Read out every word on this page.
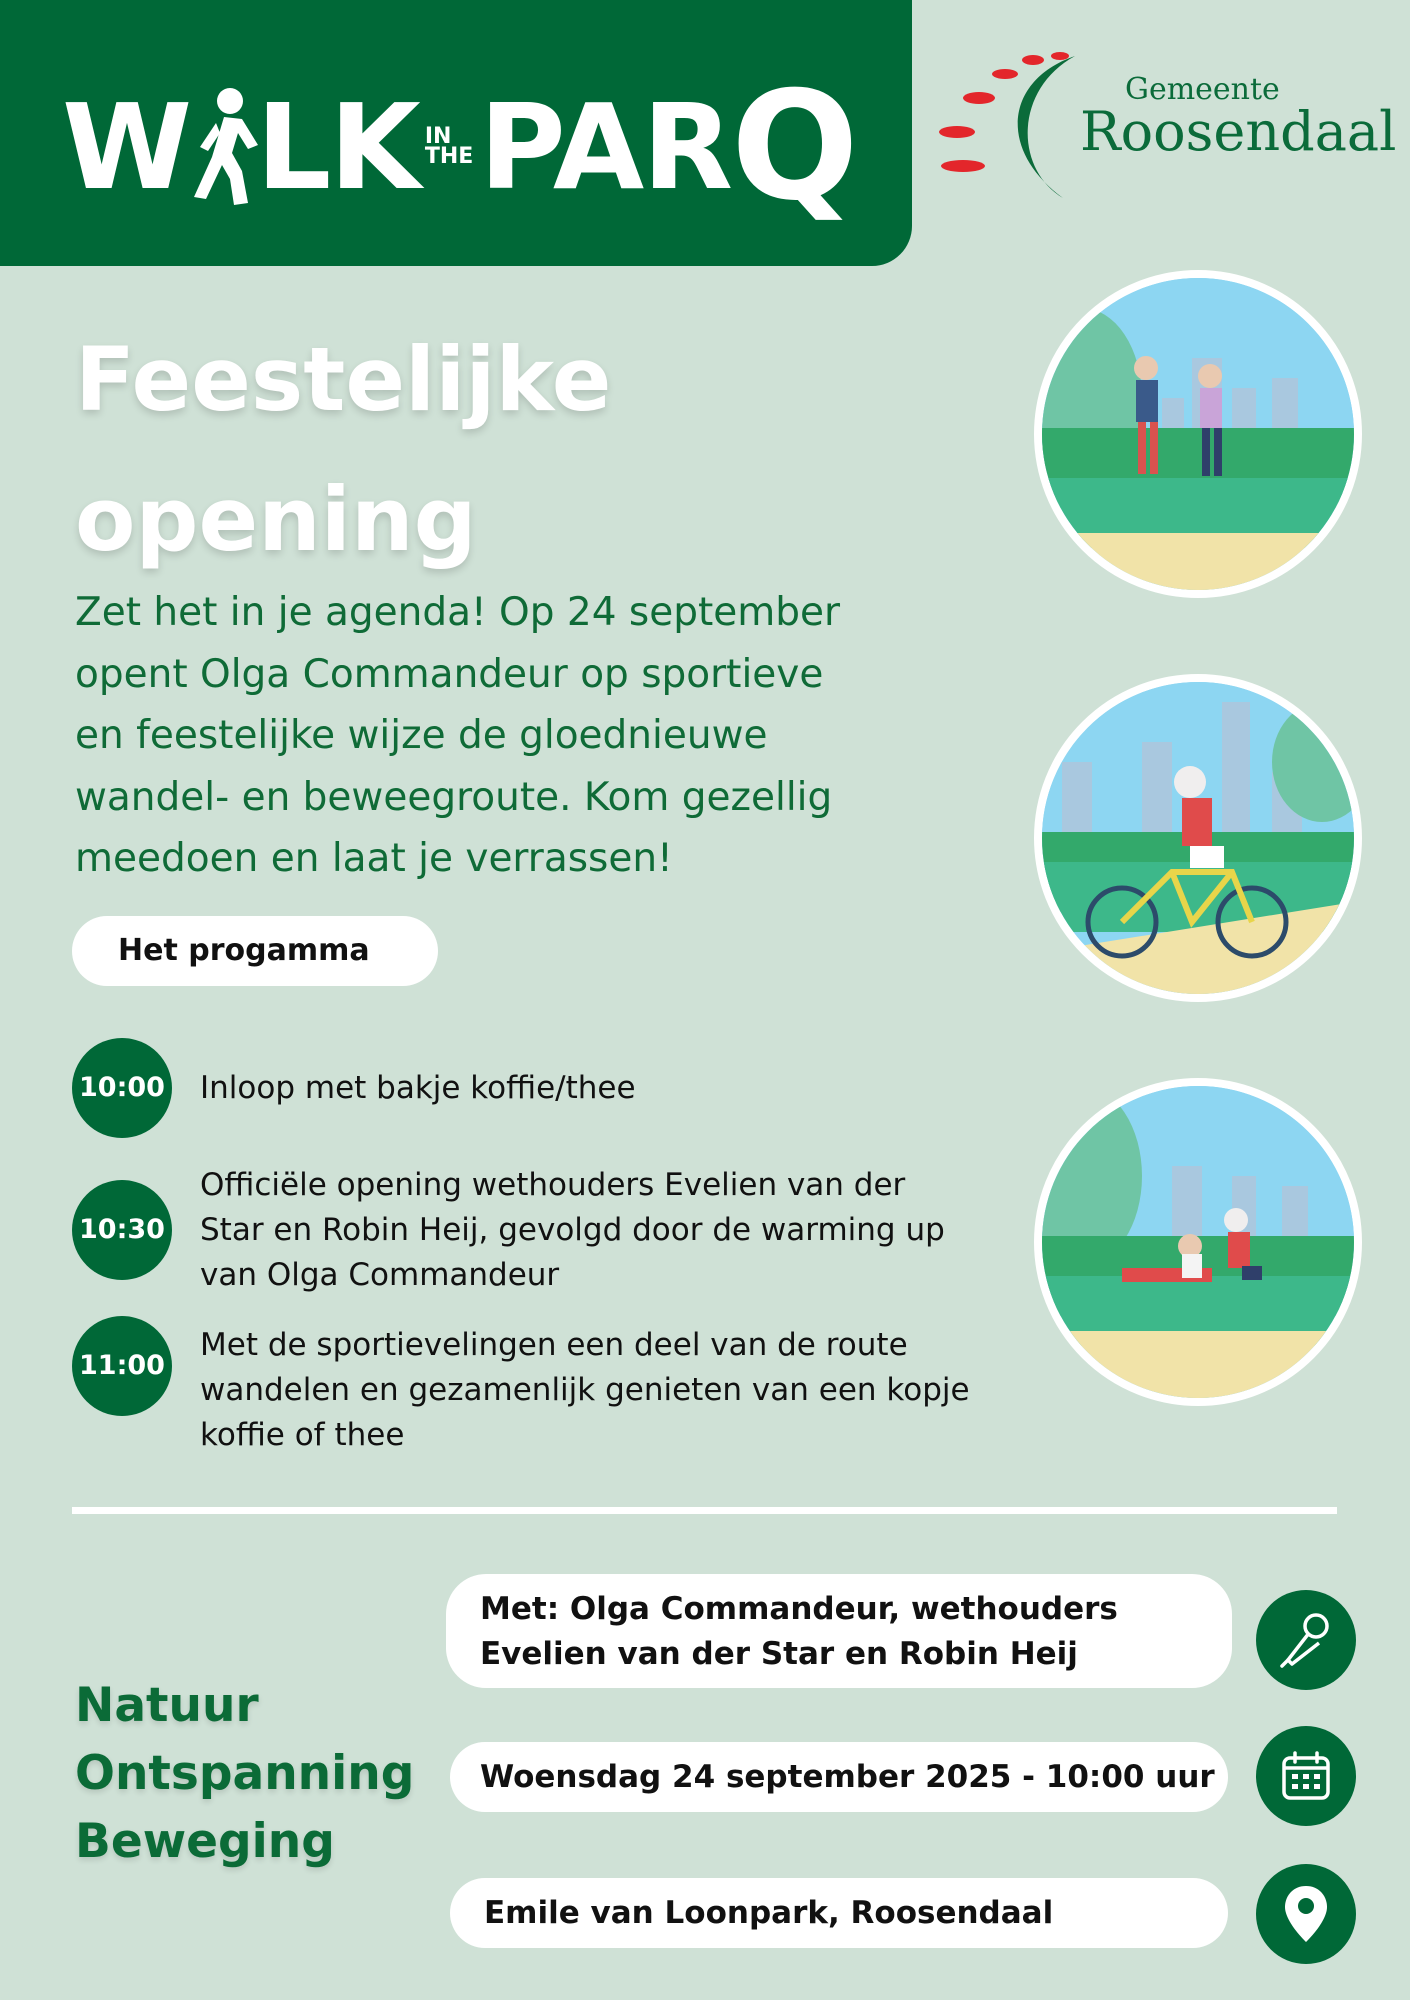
W LK IN
THE PAR Q	Gemeente
Roosendaal
Feestelijke
opening
Zet het in je agenda! Op 24 september
opent Olga Commandeur op sportieve
en feestelijke wijze de gloednieuwe
wandel- en beweegroute. Kom gezellig
meedoen en laat je verrassen!
Het progamma
10:00 Inloop met bakje koffie/thee
10:30
Officiële opening wethouders Evelien van der
Star en Robin Heij, gevolgd door de warming up
van Olga Commandeur
11:00
Met de sportievelingen een deel van de route
wandelen en gezamenlijk genieten van een kopje
koffie of thee
Natuur
Ontspanning
Beweging
Met: Olga Commandeur, wethouders
Evelien van der Star en Robin Heij
Woensdag 24 september 2025 - 10:00 uur
Emile van Loonpark, Roosendaal
